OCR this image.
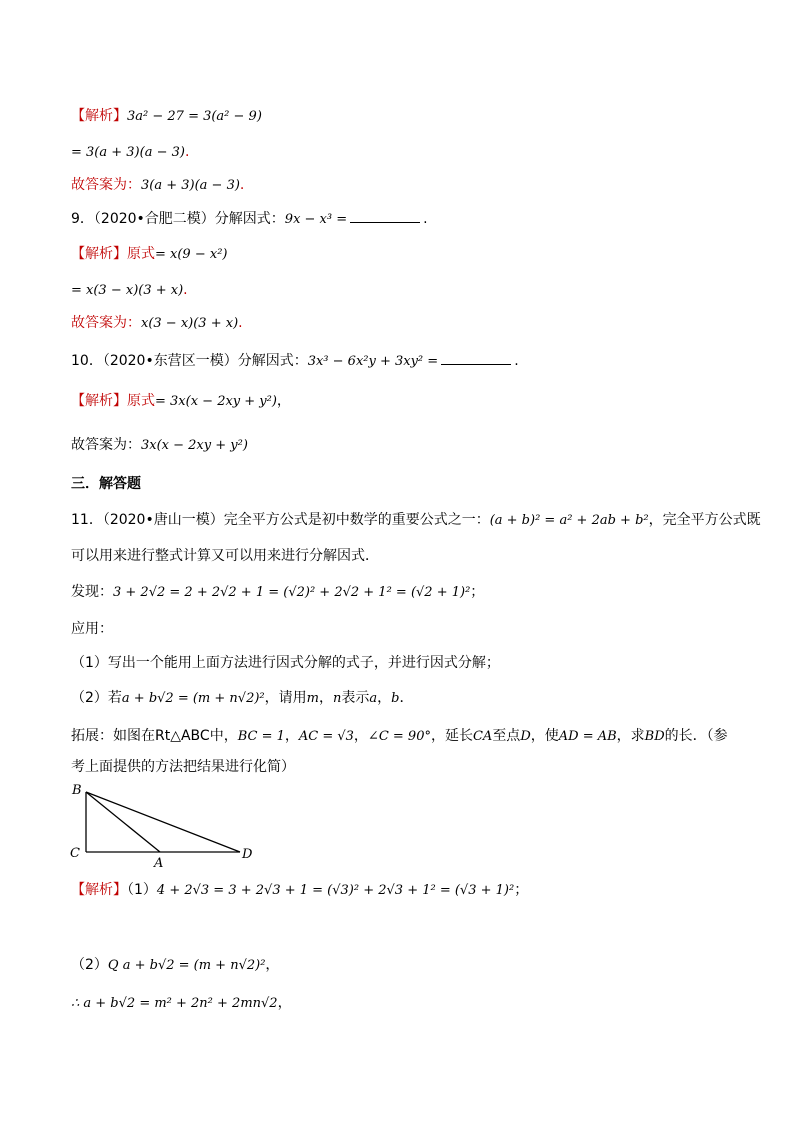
【解析】3a² − 27 = 3(a² − 9)
= 3(a + 3)(a − 3).
故答案为：3(a + 3)(a − 3).
9．（2020•合肥二模）分解因式：9x − x³ =	.
【解析】原式= x(9 − x²)
= x(3 − x)(3 + x).
故答案为：x(3 − x)(3 + x).
10．（2020•东营区一模）分解因式：3x³ − 6x²y + 3xy² =	.
【解析】原式= 3x(x − 2xy + y²)，
故答案为：3x(x − 2xy + y²)
三．解答题
11．（2020•唐山一模）完全平方公式是初中数学的重要公式之一：(a + b)² = a² + 2ab + b²，完全平方公式既
可以用来进行整式计算又可以用来进行分解因式．
发现：3 + 2√2 = 2 + 2√2 + 1 = (√2)² + 2√2 + 1² = (√2 + 1)²；
应用：
（1）写出一个能用上面方法进行因式分解的式子，并进行因式分解；
（2）若a + b√2 = (m + n√2)²，请用m，n表示a，b．
拓展：如图在Rt△ABC中，BC = 1，AC = √3，∠C = 90°，延长CA至点D，使AD = AB，求BD的长．（参
考上面提供的方法把结果进行化简）
B
C
A
D
【解析】（1）4 + 2√3 = 3 + 2√3 + 1 = (√3)² + 2√3 + 1² = (√3 + 1)²；
（2）Q a + b√2 = (m + n√2)²，
∴ a + b√2 = m² + 2n² + 2mn√2，
